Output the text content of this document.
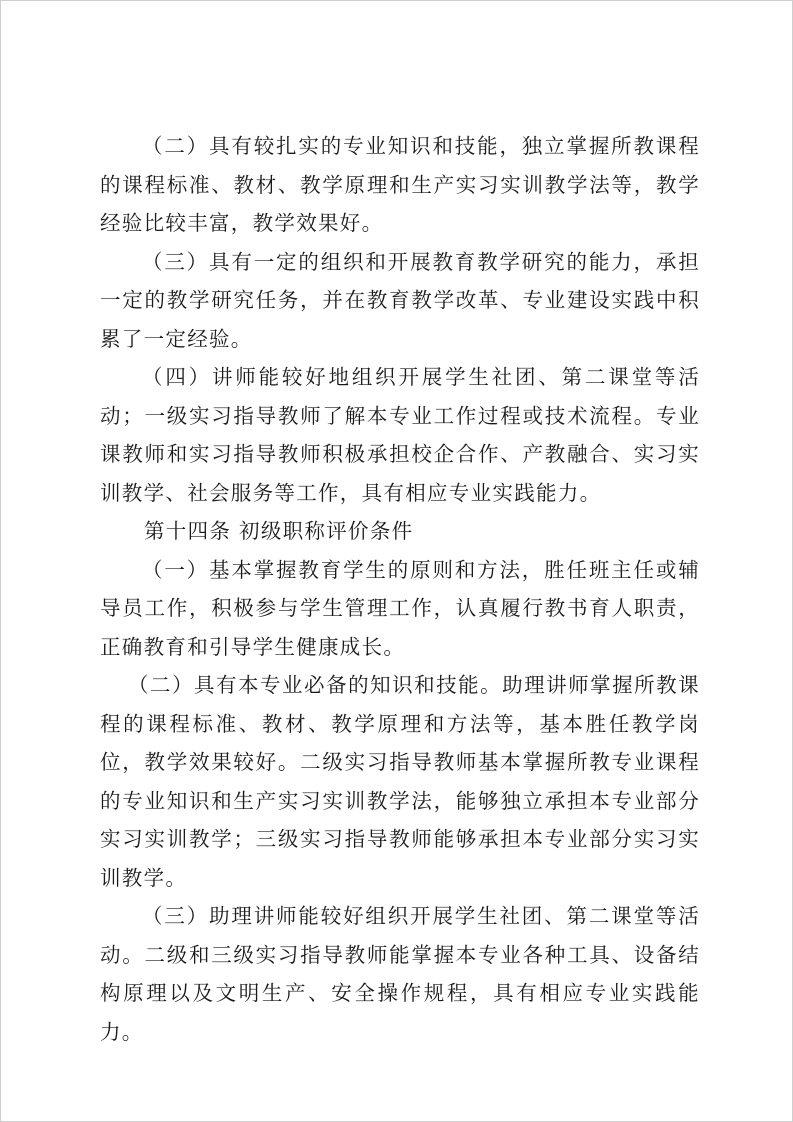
（二）具有较扎实的专业知识和技能，独立掌握所教课程的课程标准、教材、教学原理和生产实习实训教学法等，教学经验比较丰富，教学效果好。

（三）具有一定的组织和开展教育教学研究的能力，承担一定的教学研究任务，并在教育教学改革、专业建设实践中积累了一定经验。

（四）讲师能较好地组织开展学生社团、第二课堂等活动；一级实习指导教师了解本专业工作过程或技术流程。专业课教师和实习指导教师积极承担校企合作、产教融合、实习实训教学、社会服务等工作，具有相应专业实践能力。

第十四条 初级职称评价条件

（一）基本掌握教育学生的原则和方法，胜任班主任或辅导员工作，积极参与学生管理工作，认真履行教书育人职责，正确教育和引导学生健康成长。

（二）具有本专业必备的知识和技能。助理讲师掌握所教课程的课程标准、教材、教学原理和方法等，基本胜任教学岗位，教学效果较好。二级实习指导教师基本掌握所教专业课程的专业知识和生产实习实训教学法，能够独立承担本专业部分实习实训教学；三级实习指导教师能够承担本专业部分实习实训教学。

（三）助理讲师能较好组织开展学生社团、第二课堂等活动。二级和三级实习指导教师能掌握本专业各种工具、设备结构原理以及文明生产、安全操作规程，具有相应专业实践能力。
